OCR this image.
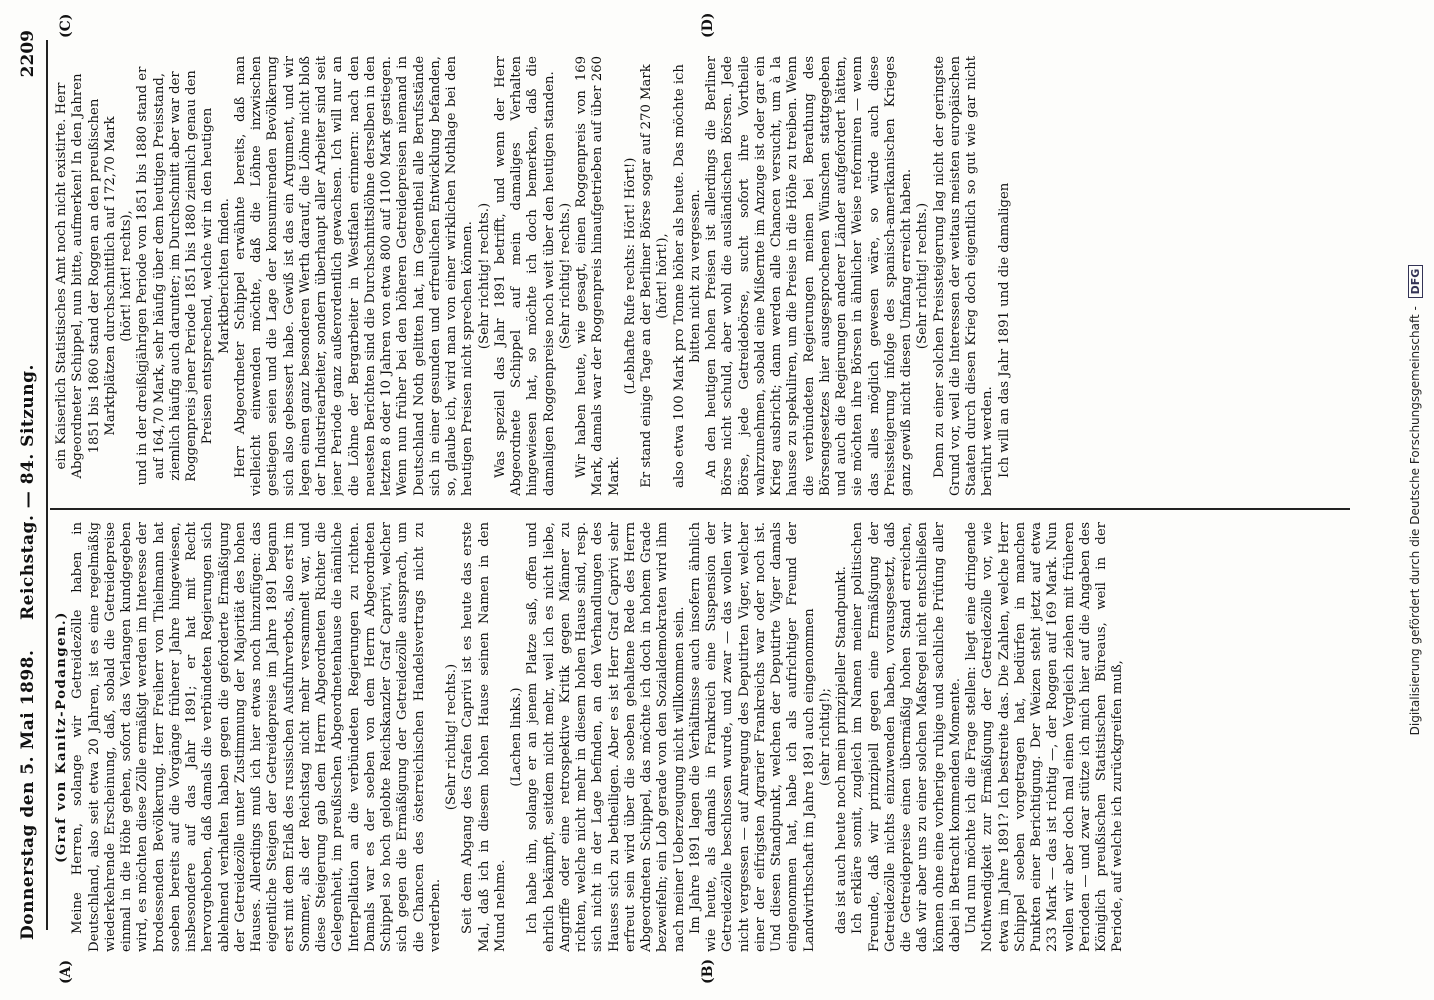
Donnerstag den 5. Mai 1898.
Reichstag. — 84. Sitzung.
2209
(A)	(B)
(C)	(D)

(Graf von Kanitz-Podangen.) Meine Herren, solange wir Getreidezölle haben in Deutschland, also seit etwa 20 Jahren, ist es eine regelmäßig wiederkehrende Erscheinung, daß, sobald die Getreidepreise einmal in die Höhe gehen, sofort das Verlangen kundgegeben wird, es möchten diese Zölle ermäßigt werden im Interesse der brodessenden Bevölkerung. Herr Freiherr von Thielmann hat soeben bereits auf die Vorgänge früherer Jahre hingewiesen, insbesondere auf das Jahr 1891; er hat mit Recht hervorgehoben, daß damals die verbündeten Regierungen sich ablehnend verhalten haben gegen die geforderte Ermäßigung der Getreidezölle unter Zustimmung der Majorität des hohen Hauses. Allerdings muß ich hier etwas noch hinzufügen: das eigentliche Steigen der Getreidepreise im Jahre 1891 begann erst mit dem Erlaß des russischen Ausfuhrverbots, also erst im Sommer, als der Reichstag nicht mehr versammelt war, und diese Steigerung gab dem Herrn Abgeordneten Richter die Gelegenheit, im preußischen Abgeordnetenhause die nämliche Interpellation an die verbündeten Regierungen zu richten. Damals war es der soeben von dem Herrn Abgeordneten Schippel so hoch gelobte Reichskanzler Graf Caprivi, welcher sich gegen die Ermäßigung der Getreidezölle aussprach, um die Chancen des österreichischen Handelsvertrags nicht zu verderben.

(Sehr richtig! rechts.) Seit dem Abgang des Grafen Caprivi ist es heute das erste Mal, daß ich in diesem hohen Hause seinen Namen in den Mund nehme.

(Lachen links.) Ich habe ihn, solange er an jenem Platze saß, offen und ehrlich bekämpft, seitdem nicht mehr, weil ich es nicht liebe, Angriffe oder eine retrospektive Kritik gegen Männer zu richten, welche nicht mehr in diesem hohen Hause sind, resp. sich nicht in der Lage befinden, an den Verhandlungen des Hauses sich zu betheiligen. Aber es ist Herr Graf Caprivi sehr erfreut sein wird über die soeben gehaltene Rede des Herrn Abgeordneten Schippel, das möchte ich doch in hohem Grade bezweifeln; ein Lob gerade von den Sozialdemokraten wird ihm nach meiner Ueberzeugung nicht willkommen sein. Im Jahre 1891 lagen die Verhältnisse auch insofern ähnlich wie heute, als damals in Frankreich eine Suspension der Getreidezölle beschlossen wurde, und zwar — das wollen wir nicht vergessen — auf Anregung des Deputirten Viger, welcher einer der eifrigsten Agrarier Frankreichs war oder noch ist. Und diesen Standpunkt, welchen der Deputirte Viger damals eingenommen hat, habe ich als aufrichtiger Freund der Landwirthschaft im Jahre 1891 auch eingenommen (sehr richtig!); das ist auch heute noch mein prinzipieller Standpunkt. Ich erkläre somit, zugleich im Namen meiner politischen Freunde, daß wir prinzipiell gegen eine Ermäßigung der Getreidezölle nichts einzuwenden haben, vorausgesetzt, daß die Getreidepreise einen übermäßig hohen Stand erreichen, daß wir aber uns zu einer solchen Maßregel nicht entschließen können ohne eine vorherige ruhige und sachliche Prüfung aller dabei in Betracht kommenden Momente. Und nun möchte ich die Frage stellen: liegt eine dringende Nothwendigkeit zur Ermäßigung der Getreidezölle vor, wie etwa im Jahre 1891? Ich bestreite das. Die Zahlen, welche Herr Schippel soeben vorgetragen hat, bedürfen in manchen Punkten einer Berichtigung. Der Weizen steht jetzt auf etwa 233 Mark — das ist richtig —, der Roggen auf 169 Mark. Nun wollen wir aber doch mal einen Vergleich ziehen mit früheren Perioden — und zwar stütze ich mich hier auf die Angaben des Königlich preußischen Statistischen Büreaus, weil in der Periode, auf welche ich zurückgreifen muß,

ein Kaiserlich Statistisches Amt noch nicht existirte. Herr Abgeordneter Schippel, nun bitte, aufmerken! In den Jahren 1851 bis 1860 stand der Roggen an den preußischen Marktplätzen durchschnittlich auf 172,70 Mark (hört! hört! rechts), und in der dreißigjährigen Periode von 1851 bis 1880 stand er auf 164,70 Mark, sehr häufig über dem heutigen Preisstand, ziemlich häufig auch darunter; im Durchschnitt aber war der Roggenpreis jener Periode 1851 bis 1880 ziemlich genau den Preisen entsprechend, welche wir in den heutigen Marktberichten finden. Herr Abgeordneter Schippel erwähnte bereits, daß man vielleicht einwenden möchte, daß die Löhne inzwischen gestiegen seien und die Lage der konsumirenden Bevölkerung sich also gebessert habe. Gewiß ist das ein Argument, und wir legen einen ganz besonderen Werth darauf, die Löhne nicht bloß der Industriearbeiter, sondern überhaupt aller Arbeiter sind seit jener Periode ganz außerordentlich gewachsen. Ich will nur an die Löhne der Bergarbeiter in Westfalen erinnern: nach den neuesten Berichten sind die Durchschnittslöhne derselben in den letzten 8 oder 10 Jahren von etwa 800 auf 1100 Mark gestiegen. Wenn nun früher bei den höheren Getreidepreisen niemand in Deutschland Noth gelitten hat, im Gegentheil alle Berufsstände sich in einer gesunden und erfreulichen Entwicklung befanden, so, glaube ich, wird man von einer wirklichen Nothlage bei den heutigen Preisen nicht sprechen können. (Sehr richtig! rechts.) Was speziell das Jahr 1891 betrifft, und wenn der Herr Abgeordnete Schippel auf mein damaliges Verhalten hingewiesen hat, so möchte ich doch bemerken, daß die damaligen Roggenpreise noch weit über den heutigen standen. (Sehr richtig! rechts.) Wir haben heute, wie gesagt, einen Roggenpreis von 169 Mark, damals war der Roggenpreis hinaufgetrieben auf über 260 Mark.

(Lebhafte Rufe rechts: Hört! Hört!) Er stand einige Tage an der Berliner Börse sogar auf 270 Mark (hört! hört!), also etwa 100 Mark pro Tonne höher als heute. Das möchte ich bitten nicht zu vergessen. An den heutigen hohen Preisen ist allerdings die Berliner Börse nicht schuld, aber wohl die ausländischen Börsen. Jede Börse, jede Getreidebörse, sucht sofort ihre Vortheile wahrzunehmen, sobald eine Mißernte im Anzuge ist oder gar ein Krieg ausbricht; dann werden alle Chancen versucht, um à la hausse zu spekuliren, um die Preise in die Höhe zu treiben. Wenn die verbündeten Regierungen meinen bei Berathung des Börsengesetzes hier ausgesprochenen Wünschen stattgegeben und auch die Regierungen anderer Länder aufgefordert hätten, sie möchten ihre Börsen in ähnlicher Weise reformiren — wenn das alles möglich gewesen wäre, so würde auch diese Preissteigerung infolge des spanisch-amerikanischen Krieges ganz gewiß nicht diesen Umfang erreicht haben. (Sehr richtig! rechts.) Denn zu einer solchen Preissteigerung lag nicht der geringste Grund vor, weil die Interessen der weitaus meisten europäischen Staaten durch diesen Krieg doch eigentlich so gut wie gar nicht berührt werden. Ich will an das Jahr 1891 und die damaligen	Digitalisierung gefördert durch die Deutsche Forschungsgemeinschaft - DFG
